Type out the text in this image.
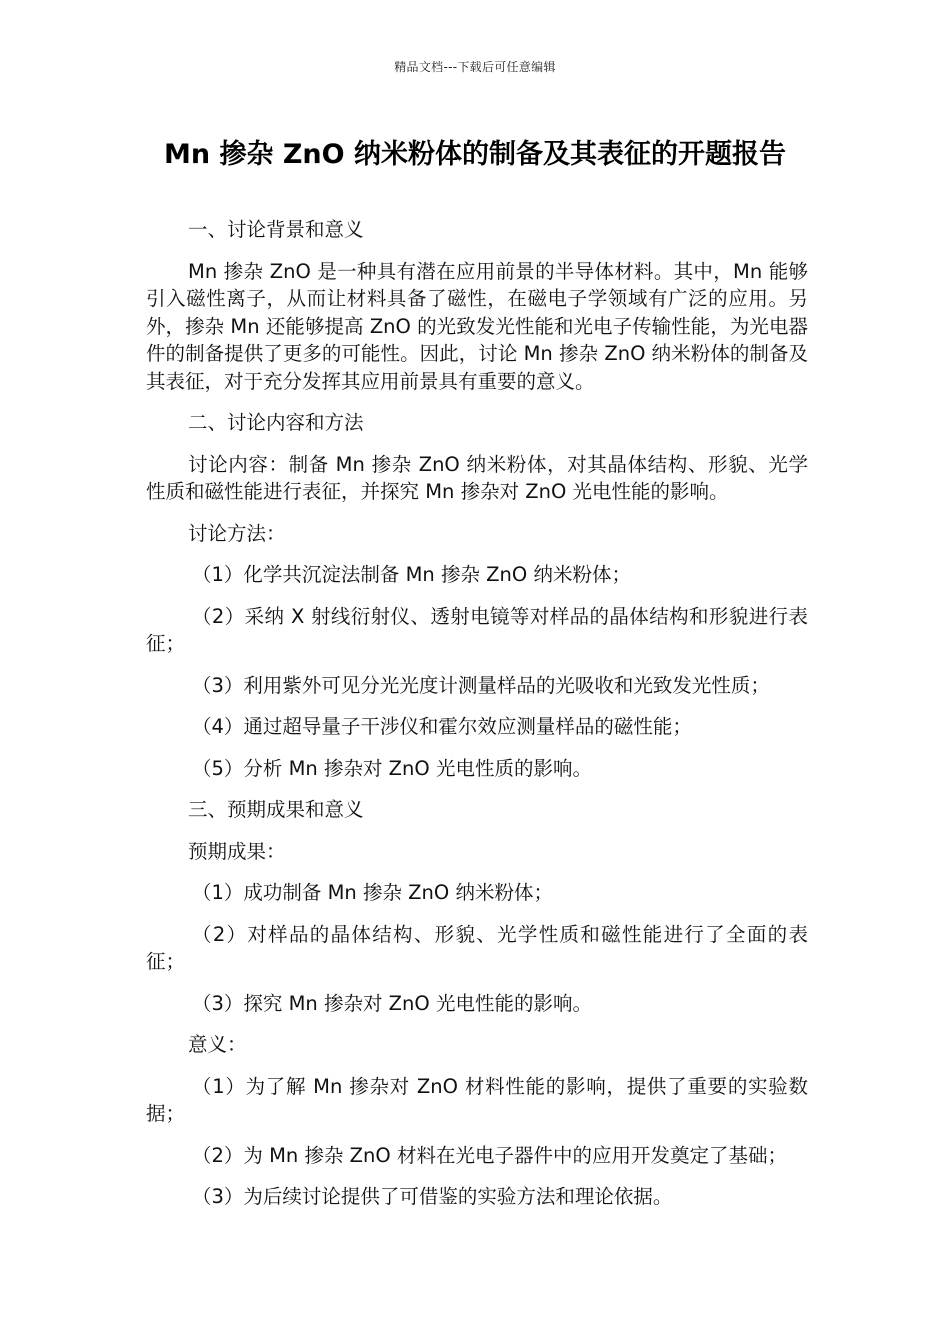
精品文档---下载后可任意编辑
Mn 掺杂 ZnO 纳米粉体的制备及其表征的开题报告

一、讨论背景和意义

Mn 掺杂 ZnO 是一种具有潜在应用前景的半导体材料。其中，Mn 能够引入磁性离子，从而让材料具备了磁性，在磁电子学领域有广泛的应用。另外，掺杂 Mn 还能够提高 ZnO 的光致发光性能和光电子传输性能，为光电器件的制备提供了更多的可能性。因此，讨论 Mn 掺杂 ZnO 纳米粉体的制备及其表征，对于充分发挥其应用前景具有重要的意义。

二、讨论内容和方法

讨论内容：制备 Mn 掺杂 ZnO 纳米粉体，对其晶体结构、形貌、光学性质和磁性能进行表征，并探究 Mn 掺杂对 ZnO 光电性能的影响。

讨论方法：

（1）化学共沉淀法制备 Mn 掺杂 ZnO 纳米粉体；

（2）采纳 X 射线衍射仪、透射电镜等对样品的晶体结构和形貌进行表征；

（3）利用紫外可见分光光度计测量样品的光吸收和光致发光性质；

（4）通过超导量子干涉仪和霍尔效应测量样品的磁性能；

（5）分析 Mn 掺杂对 ZnO 光电性质的影响。

三、预期成果和意义

预期成果：

（1）成功制备 Mn 掺杂 ZnO 纳米粉体；

（2）对样品的晶体结构、形貌、光学性质和磁性能进行了全面的表征；

（3）探究 Mn 掺杂对 ZnO 光电性能的影响。

意义：

（1）为了解 Mn 掺杂对 ZnO 材料性能的影响，提供了重要的实验数据；

（2）为 Mn 掺杂 ZnO 材料在光电子器件中的应用开发奠定了基础；

（3）为后续讨论提供了可借鉴的实验方法和理论依据。
